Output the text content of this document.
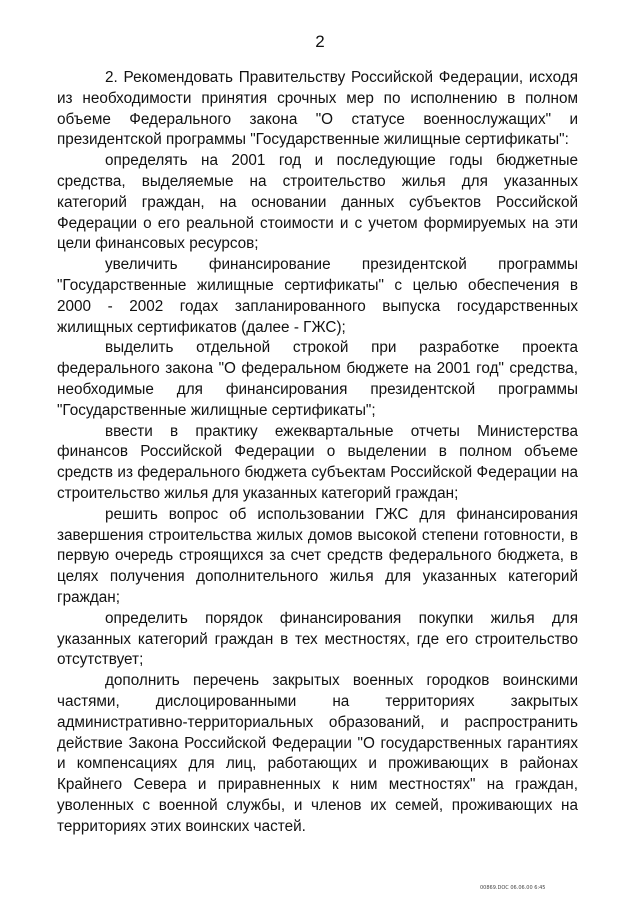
2

2. Рекомендовать Правительству Российской Федерации, исходя из необходимости принятия срочных мер по исполнению в полном объеме Федерального закона "О статусе военнослужащих" и президентской программы "Государственные жилищные сертификаты":

определять на 2001 год и последующие годы бюджетные средства, выделяемые на строительство жилья для указанных категорий граждан, на основании данных субъектов Российской Федерации о его реальной стоимости и с учетом формируемых на эти цели финансовых ресурсов;

увеличить финансирование президентской программы "Государственные жилищные сертификаты" с целью обеспечения в 2000 - 2002 годах запланированного выпуска государственных жилищных сертификатов (далее - ГЖС);

выделить отдельной строкой при разработке проекта федерального закона "О федеральном бюджете на 2001 год" средства, необходимые для финансирования президентской программы "Государственные жилищные сертификаты";

ввести в практику ежеквартальные отчеты Министерства финансов Российской Федерации о выделении в полном объеме средств из федерального бюджета субъектам Российской Федерации на строительство жилья для указанных категорий граждан;

решить вопрос об использовании ГЖС для финансирования завершения строительства жилых домов высокой степени готовности, в первую очередь строящихся за счет средств федерального бюджета, в целях получения дополнительного жилья для указанных категорий граждан;

определить порядок финансирования покупки жилья для указанных категорий граждан в тех местностях, где его строительство отсутствует;

дополнить перечень закрытых военных городков воинскими частями, дислоцированными на территориях закрытых административно-территориальных образований, и распространить действие Закона Российской Федерации "О государственных гарантиях и компенсациях для лиц, работающих и проживающих в районах Крайнего Севера и приравненных к ним местностях" на граждан, уволенных с военной службы, и членов их семей, проживающих на территориях этих воинских частей.

00869.DOC 06.06.00 6:45
